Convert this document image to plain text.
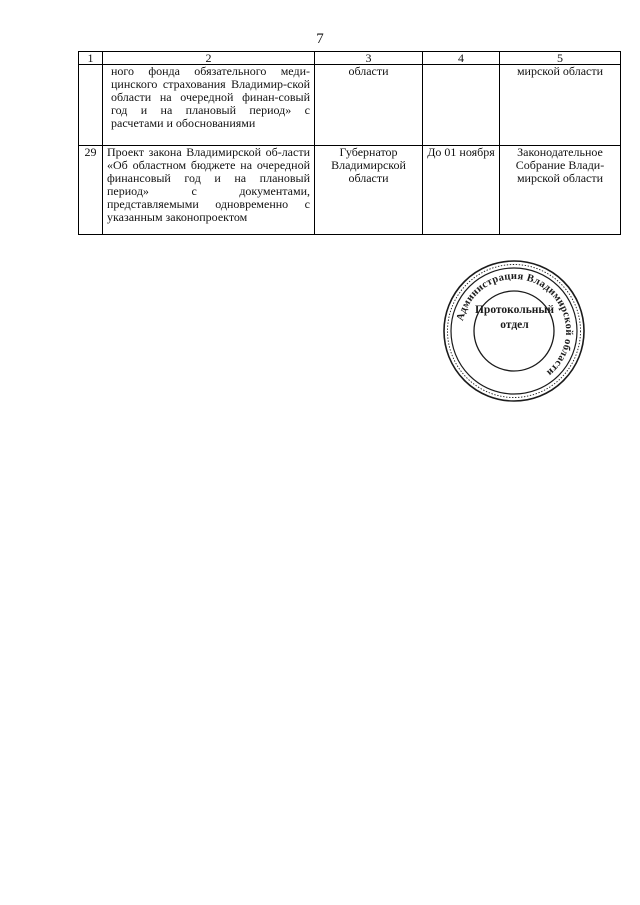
7
1	2	3	4	5
	ного фонда обязательного меди-цинского страхования Владимир-ской области на очередной финан-совый год и на плановый период» с расчетами и обоснованиями	области		мирской области
29	Проект закона Владимирской об-ласти «Об областном бюджете на очередной финансовый год и на плановый период» с документами, представляемыми одновременно с указанным законопроектом	Губернатор Владимирской области	До 01 ноября	Законодательное Собрание Влади-мирской области
Администрация Владимирской области
Протокольный
отдел
